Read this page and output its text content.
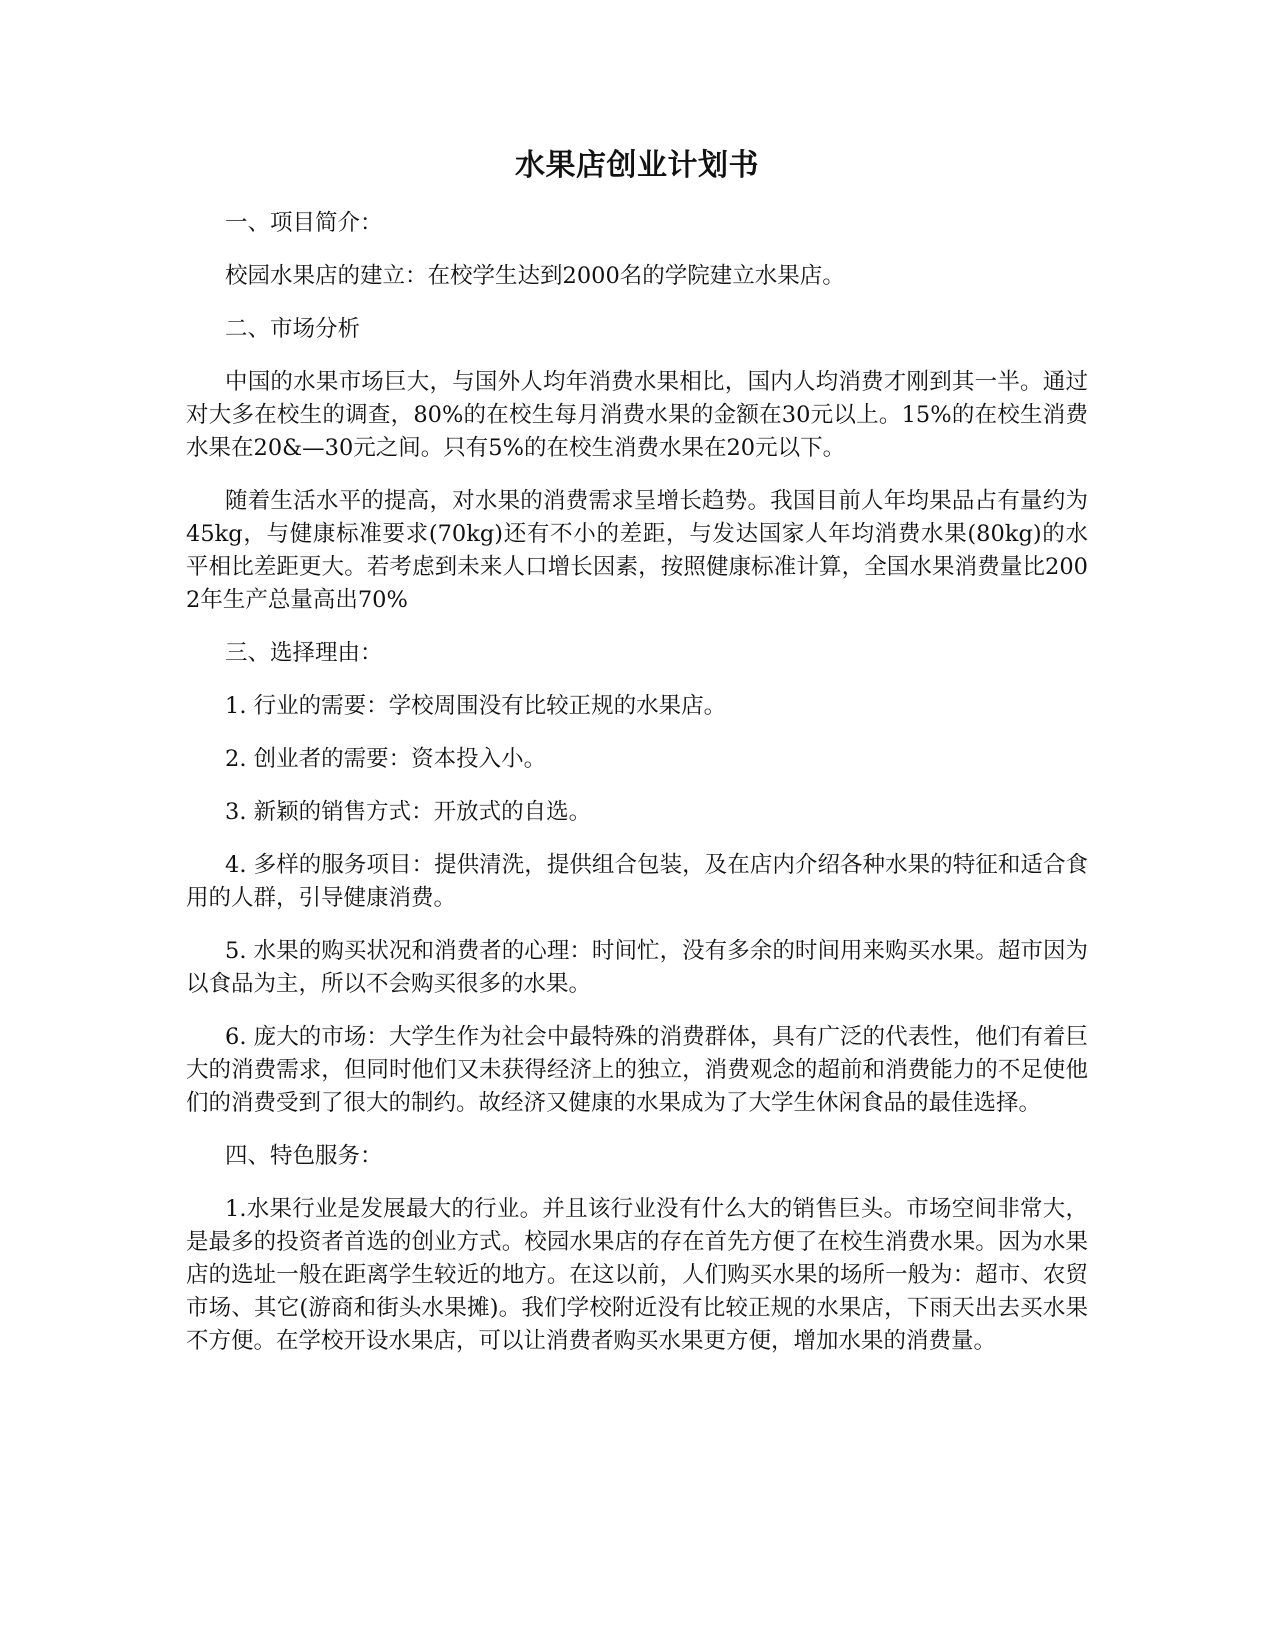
水果店创业计划书

一、项目简介：

校园水果店的建立：在校学生达到2000名的学院建立水果店。

二、市场分析

中国的水果市场巨大，与国外人均年消费水果相比，国内人均消费才刚到其一半。通过对大多在校生的调查，80%的在校生每月消费水果的金额在30元以上。15%的在校生消费水果在20&—30元之间。只有5%的在校生消费水果在20元以下。

随着生活水平的提高，对水果的消费需求呈增长趋势。我国目前人年均果品占有量约为45kg，与健康标准要求(70kg)还有不小的差距，与发达国家人年均消费水果(80kg)的水平相比差距更大。若考虑到未来人口增长因素，按照健康标准计算，全国水果消费量比2002年生产总量高出70%

三、选择理由：

1. 行业的需要：学校周围没有比较正规的水果店。

2. 创业者的需要：资本投入小。

3. 新颖的销售方式：开放式的自选。

4. 多样的服务项目：提供清洗，提供组合包装，及在店内介绍各种水果的特征和适合食用的人群，引导健康消费。

5. 水果的购买状况和消费者的心理：时间忙，没有多余的时间用来购买水果。超市因为以食品为主，所以不会购买很多的水果。

6. 庞大的市场：大学生作为社会中最特殊的消费群体，具有广泛的代表性，他们有着巨大的消费需求，但同时他们又未获得经济上的独立，消费观念的超前和消费能力的不足使他们的消费受到了很大的制约。故经济又健康的水果成为了大学生休闲食品的最佳选择。

四、特色服务：

1.水果行业是发展最大的行业。并且该行业没有什么大的销售巨头。市场空间非常大，是最多的投资者首选的创业方式。校园水果店的存在首先方便了在校生消费水果。因为水果店的选址一般在距离学生较近的地方。在这以前，人们购买水果的场所一般为：超市、农贸市场、其它(游商和街头水果摊)。我们学校附近没有比较正规的水果店，下雨天出去买水果不方便。在学校开设水果店，可以让消费者购买水果更方便，增加水果的消费量。
